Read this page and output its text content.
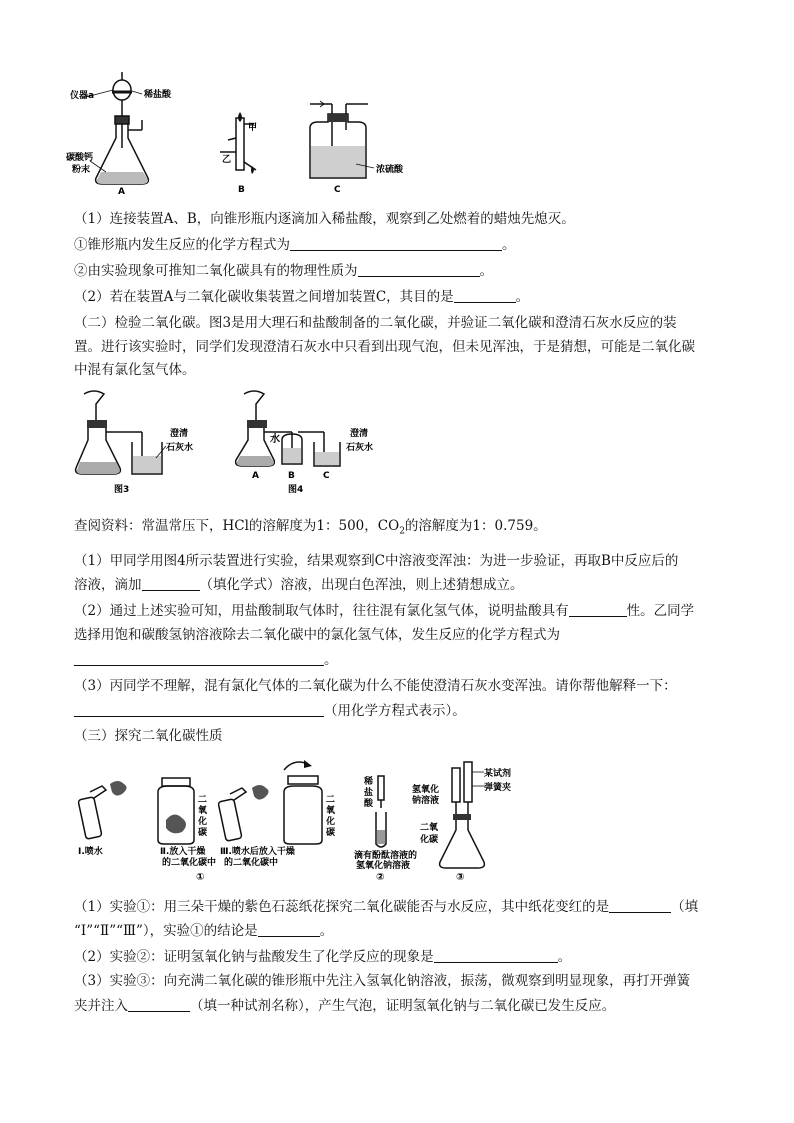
仪器a	稀盐酸
碳酸钙
粉末
A
甲
乙
B
浓硫酸
C
（1）连接装置A、B，向锥形瓶内逐滴加入稀盐酸，观察到乙处燃着的蜡烛先熄灭。
①锥形瓶内发生反应的化学方程式为	。
②由实验现象可推知二氧化碳具有的物理性质为	。
（2）若在装置A与二氧化碳收集装置之间增加装置C，其目的是	。
（二）检验二氧化碳。图3是用大理石和盐酸制备的二氧化碳，并验证二氧化碳和澄清石灰水反应的装
置。进行该实验时，同学们发现澄清石灰水中只看到出现气泡，但未见浑浊，于是猜想，可能是二氧化碳
中混有氯化氢气体。
澄清
石灰水
图3
水	澄清
石灰水
A	B	C
图4
查阅资料：常温常压下，HCl的溶解度为1：500，$CO_2$的溶解度为1：0.759。
（1）甲同学用图4所示装置进行实验，结果观察到C中溶液变浑浊：为进一步验证，再取B中反应后的
溶液，滴加	（填化学式）溶液，出现白色浑浊，则上述猜想成立。
（2）通过上述实验可知，用盐酸制取气体时，往往混有氯化氢气体，说明盐酸具有	性。乙同学
选择用饱和碳酸氢钠溶液除去二氧化碳中的氯化氢气体，发生反应的化学方程式为
。
（3）丙同学不理解，混有氯化气体的二氧化碳为什么不能使澄清石灰水变浑浊。请你帮他解释一下：
（用化学方程式表示）。
（三）探究二氧化碳性质
Ⅰ.喷水
二
氧
化
碳
Ⅱ.放入干燥
的二氧化碳中
Ⅲ.喷水后放入干燥
的二氧化碳中
二
氧
化
碳
①
稀
盐
酸
滴有酚酞溶液的
氢氧化钠溶液
②
氢氧化
钠溶液
某试剂
弹簧夹
二氧
化碳
③
（1）实验①：用三朵干燥的紫色石蕊纸花探究二氧化碳能否与水反应，其中纸花变红的是	（填
“Ⅰ”“Ⅱ”“Ⅲ”），实验①的结论是	。
（2）实验②：证明氢氧化钠与盐酸发生了化学反应的现象是	。
（3）实验③：向充满二氧化碳的锥形瓶中先注入氢氧化钠溶液，振荡，微观察到明显现象，再打开弹簧
夹并注入	（填一种试剂名称），产生气泡，证明氢氧化钠与二氧化碳已发生反应。
